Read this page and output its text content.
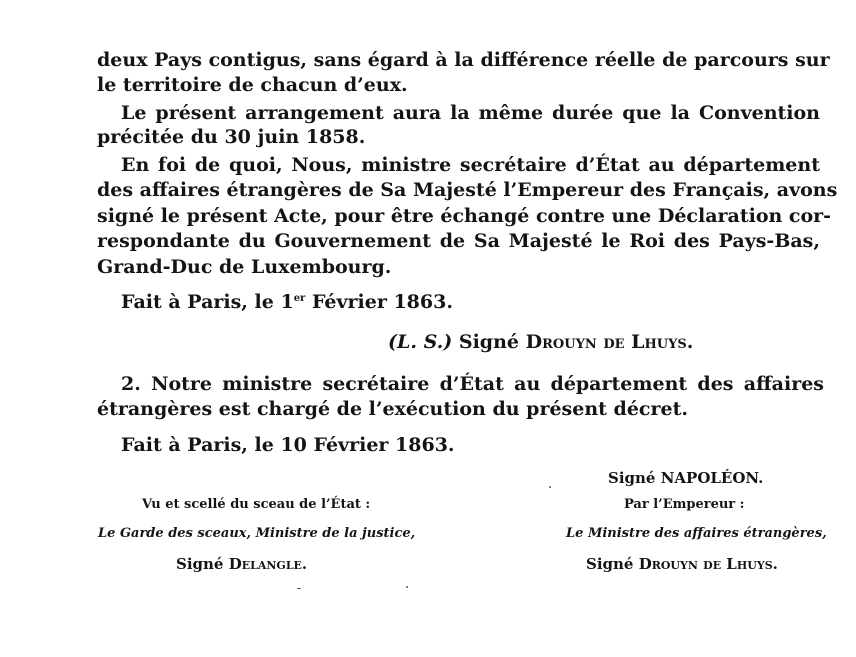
deux Pays contigus, sans égard à la différence réelle de parcours sur

le territoire de chacun d’eux.

Le présent arrangement aura la même durée que la Convention

précitée du 30 juin 1858.

En foi de quoi, Nous, ministre secrétaire d’État au département

des affaires étrangères de Sa Majesté l’Empereur des Français, avons

signé le présent Acte, pour être échangé contre une Déclaration cor-

respondante du Gouvernement de Sa Majesté le Roi des Pays-Bas,

Grand-Duc de Luxembourg.

Fait à Paris, le 1er Février 1863.

(L. S.) Signé Drouyn de Lhuys.

2. Notre ministre secrétaire d’État au département des affaires

étrangères est chargé de l’exécution du présent décret.

Fait à Paris, le 10 Février 1863.

Signé NAPOLÉON.

Vu et scellé du sceau de l’État :	Par l’Empereur :

Le Garde des sceaux, Ministre de la justice,	Le Ministre des affaires étrangères,

Signé Delangle.	Signé Drouyn de Lhuys.
